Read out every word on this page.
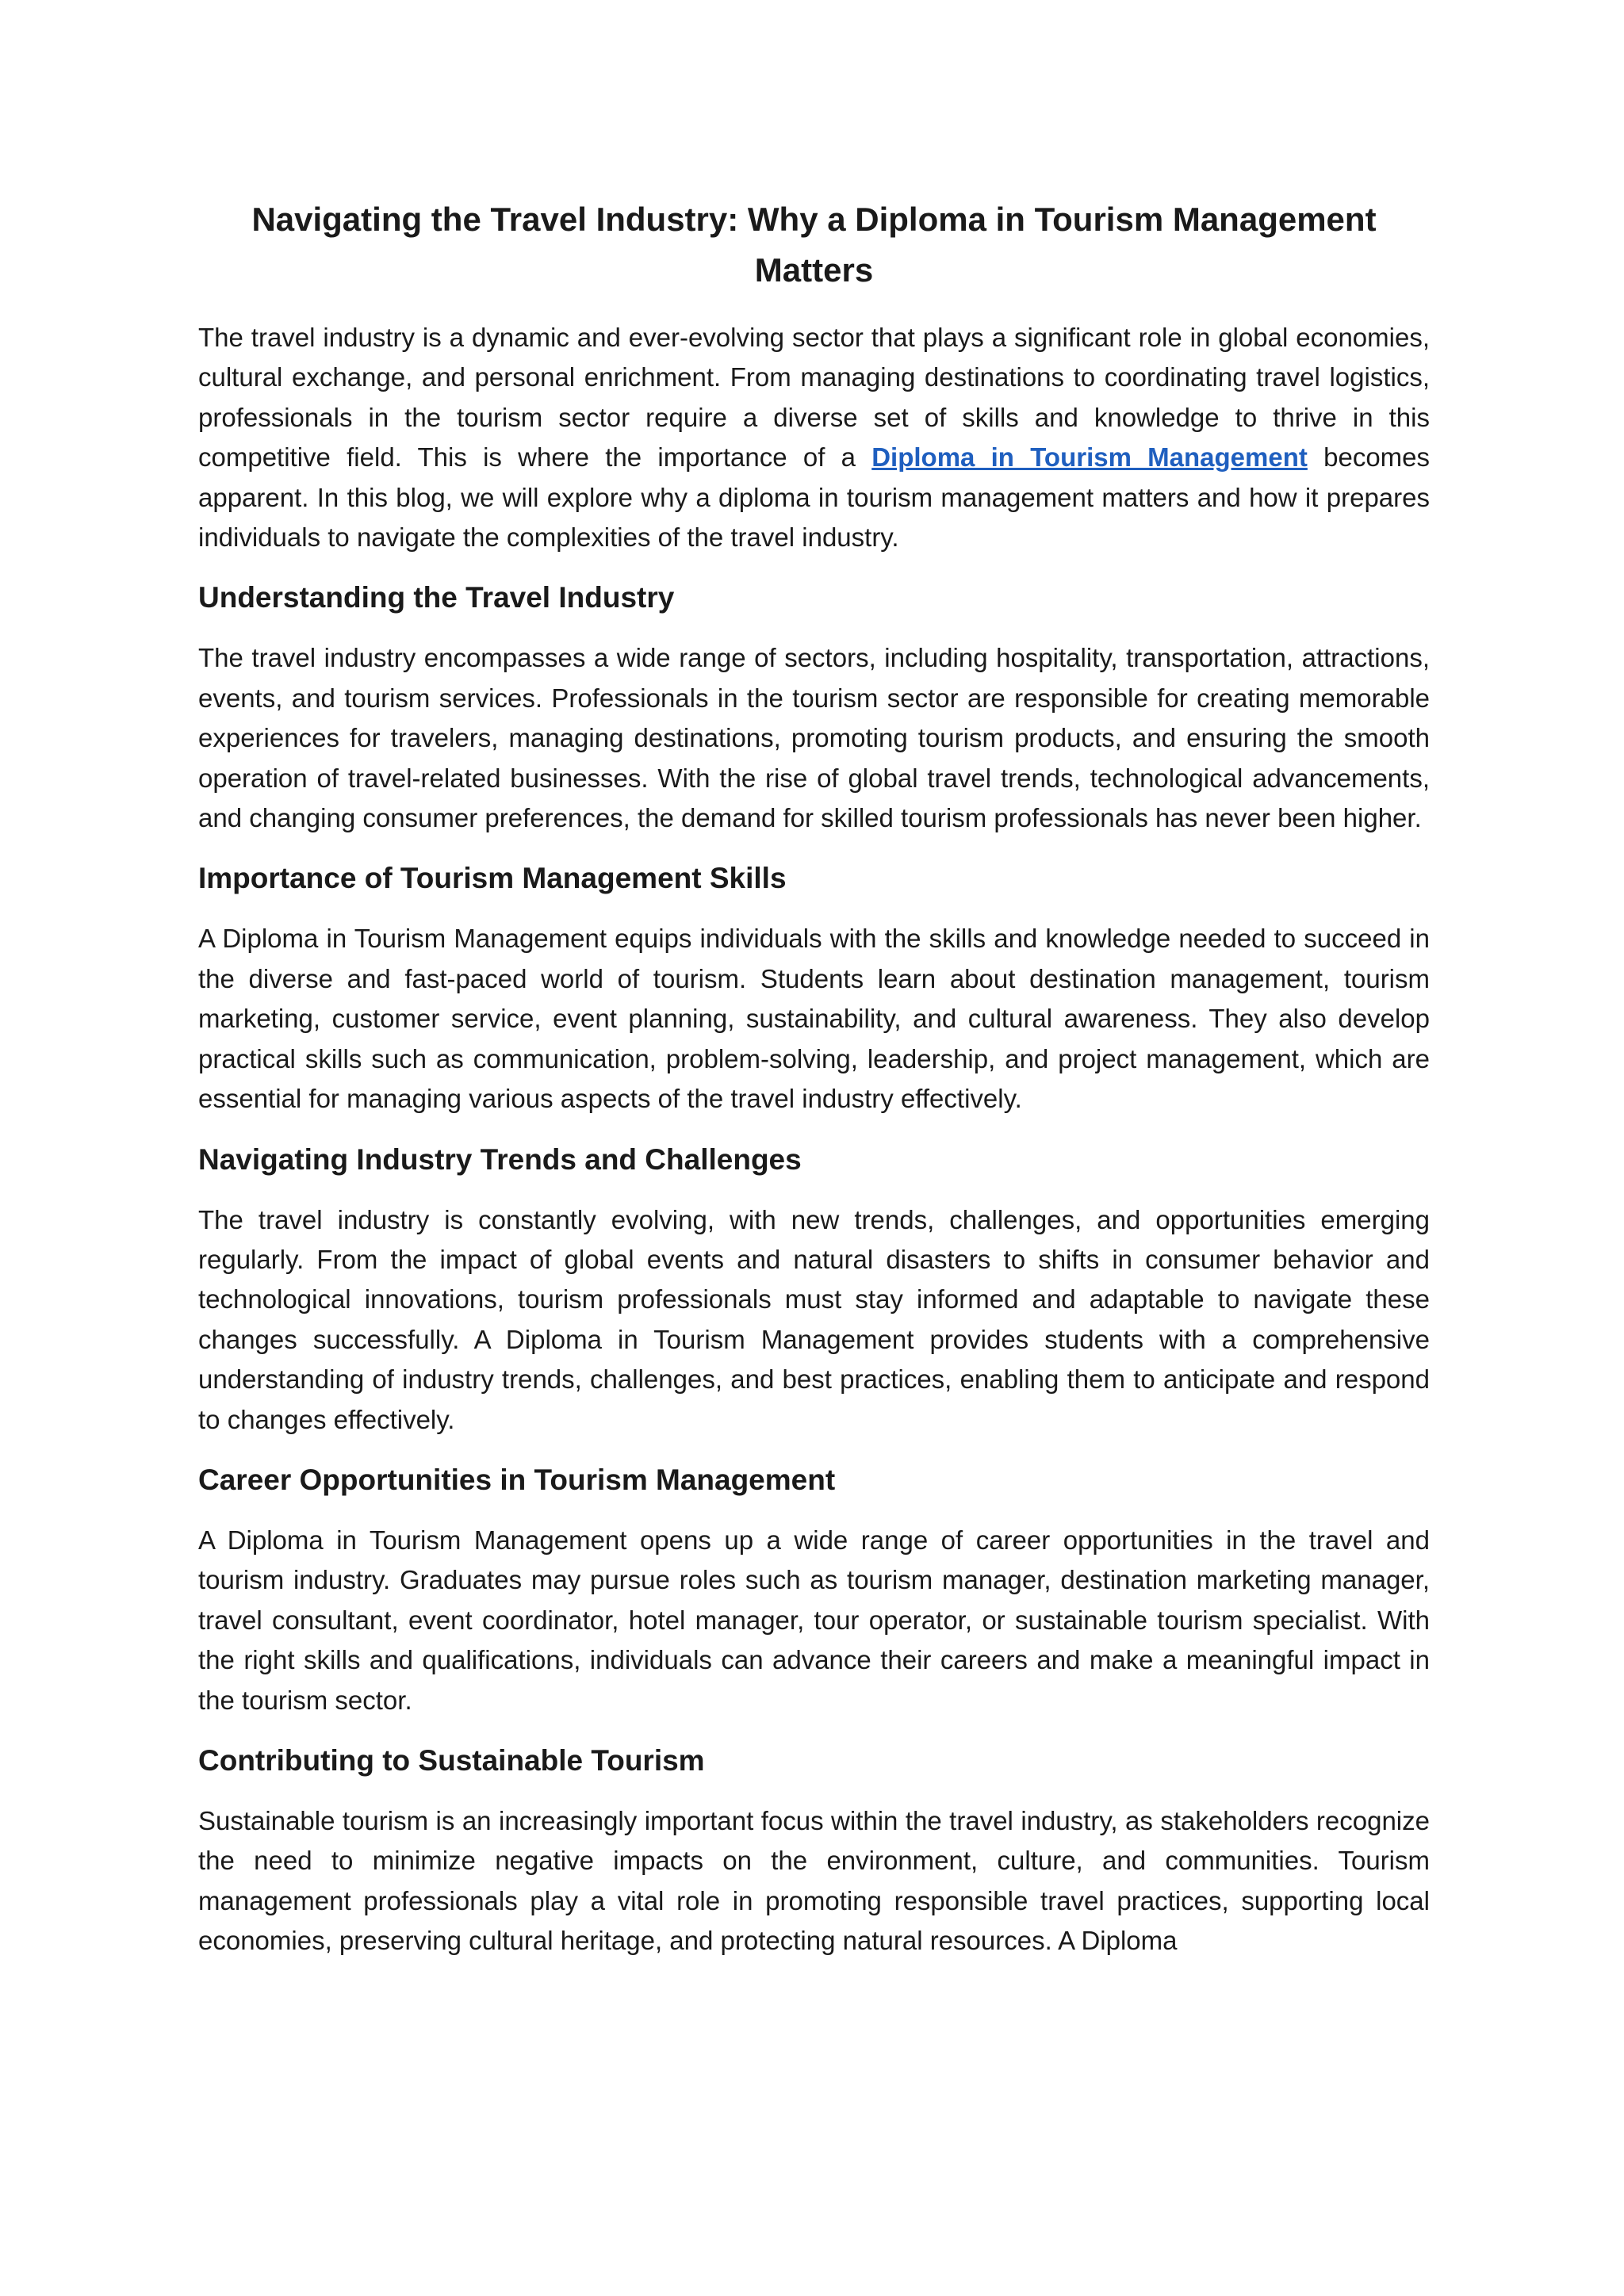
Navigating the Travel Industry: Why a Diploma in Tourism Management Matters

The travel industry is a dynamic and ever-evolving sector that plays a significant role in global economies, cultural exchange, and personal enrichment. From managing destinations to coordinating travel logistics, professionals in the tourism sector require a diverse set of skills and knowledge to thrive in this competitive field. This is where the importance of a Diploma in Tourism Management becomes apparent. In this blog, we will explore why a diploma in tourism management matters and how it prepares individuals to navigate the complexities of the travel industry.

Understanding the Travel Industry

The travel industry encompasses a wide range of sectors, including hospitality, transportation, attractions, events, and tourism services. Professionals in the tourism sector are responsible for creating memorable experiences for travelers, managing destinations, promoting tourism products, and ensuring the smooth operation of travel-related businesses. With the rise of global travel trends, technological advancements, and changing consumer preferences, the demand for skilled tourism professionals has never been higher.

Importance of Tourism Management Skills

A Diploma in Tourism Management equips individuals with the skills and knowledge needed to succeed in the diverse and fast-paced world of tourism. Students learn about destination management, tourism marketing, customer service, event planning, sustainability, and cultural awareness. They also develop practical skills such as communication, problem-solving, leadership, and project management, which are essential for managing various aspects of the travel industry effectively.

Navigating Industry Trends and Challenges

The travel industry is constantly evolving, with new trends, challenges, and opportunities emerging regularly. From the impact of global events and natural disasters to shifts in consumer behavior and technological innovations, tourism professionals must stay informed and adaptable to navigate these changes successfully. A Diploma in Tourism Management provides students with a comprehensive understanding of industry trends, challenges, and best practices, enabling them to anticipate and respond to changes effectively.

Career Opportunities in Tourism Management

A Diploma in Tourism Management opens up a wide range of career opportunities in the travel and tourism industry. Graduates may pursue roles such as tourism manager, destination marketing manager, travel consultant, event coordinator, hotel manager, tour operator, or sustainable tourism specialist. With the right skills and qualifications, individuals can advance their careers and make a meaningful impact in the tourism sector.

Contributing to Sustainable Tourism

Sustainable tourism is an increasingly important focus within the travel industry, as stakeholders recognize the need to minimize negative impacts on the environment, culture, and communities. Tourism management professionals play a vital role in promoting responsible travel practices, supporting local economies, preserving cultural heritage, and protecting natural resources. A Diploma
